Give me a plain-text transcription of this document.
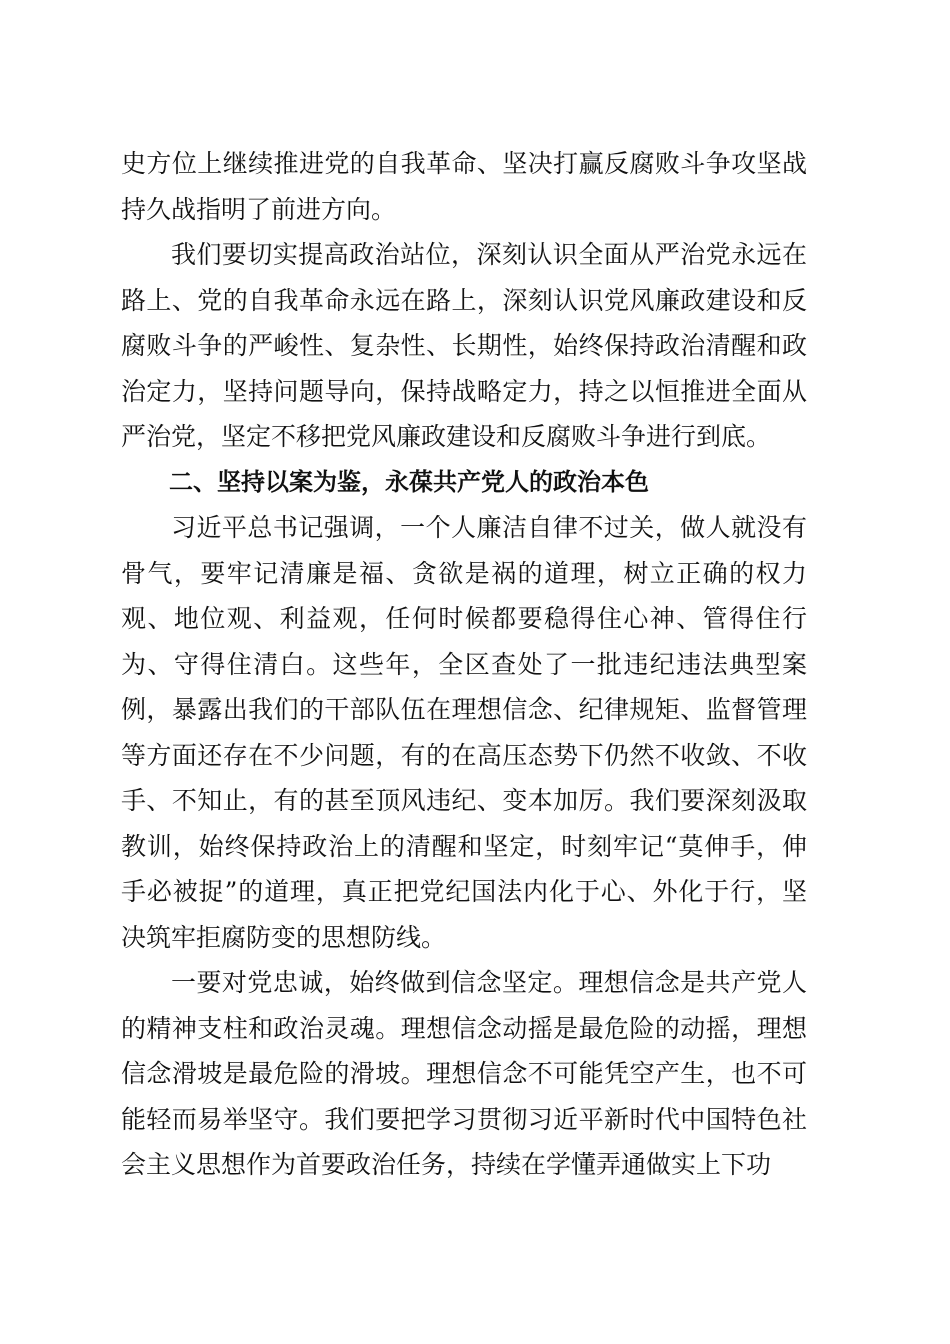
史方位上继续推进党的自我革命、坚决打赢反腐败斗争攻坚战持久战指明了前进方向。

我们要切实提高政治站位，深刻认识全面从严治党永远在路上、党的自我革命永远在路上，深刻认识党风廉政建设和反腐败斗争的严峻性、复杂性、长期性，始终保持政治清醒和政治定力，坚持问题导向，保持战略定力，持之以恒推进全面从严治党，坚定不移把党风廉政建设和反腐败斗争进行到底。

二、坚持以案为鉴，永葆共产党人的政治本色

习近平总书记强调，一个人廉洁自律不过关，做人就没有骨气，要牢记清廉是福、贪欲是祸的道理，树立正确的权力观、地位观、利益观，任何时候都要稳得住心神、管得住行为、守得住清白。这些年，全区查处了一批违纪违法典型案例，暴露出我们的干部队伍在理想信念、纪律规矩、监督管理等方面还存在不少问题，有的在高压态势下仍然不收敛、不收手、不知止，有的甚至顶风违纪、变本加厉。我们要深刻汲取教训，始终保持政治上的清醒和坚定，时刻牢记“莫伸手，伸手必被捉”的道理，真正把党纪国法内化于心、外化于行，坚决筑牢拒腐防变的思想防线。

一要对党忠诚，始终做到信念坚定。理想信念是共产党人的精神支柱和政治灵魂。理想信念动摇是最危险的动摇，理想信念滑坡是最危险的滑坡。理想信念不可能凭空产生，也不可能轻而易举坚守。我们要把学习贯彻习近平新时代中国特色社会主义思想作为首要政治任务，持续在学懂弄通做实上下功
